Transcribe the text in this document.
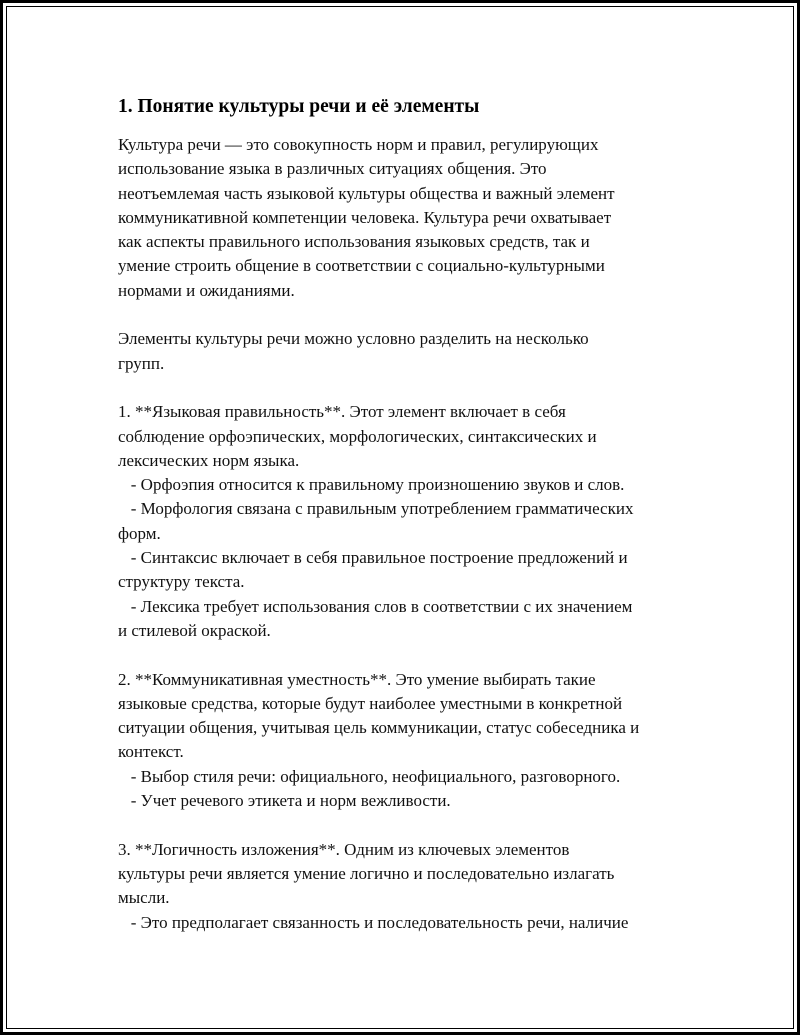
1. Понятие культуры речи и её элементы
Культура речи — это совокупность норм и правил, регулирующих
использование языка в различных ситуациях общения. Это
неотъемлемая часть языковой культуры общества и важный элемент
коммуникативной компетенции человека. Культура речи охватывает
как аспекты правильного использования языковых средств, так и
умение строить общение в соответствии с социально-культурными
нормами и ожиданиями.
Элементы культуры речи можно условно разделить на несколько
групп.
1. **Языковая правильность**. Этот элемент включает в себя
соблюдение орфоэпических, морфологических, синтаксических и
лексических норм языка.
- Орфоэпия относится к правильному произношению звуков и слов.
- Морфология связана с правильным употреблением грамматических
форм.
- Синтаксис включает в себя правильное построение предложений и
структуру текста.
- Лексика требует использования слов в соответствии с их значением
и стилевой окраской.
2. **Коммуникативная уместность**. Это умение выбирать такие
языковые средства, которые будут наиболее уместными в конкретной
ситуации общения, учитывая цель коммуникации, статус собеседника и
контекст.
- Выбор стиля речи: официального, неофициального, разговорного.
- Учет речевого этикета и норм вежливости.
3. **Логичность изложения**. Одним из ключевых элементов
культуры речи является умение логично и последовательно излагать
мысли.
- Это предполагает связанность и последовательность речи, наличие
